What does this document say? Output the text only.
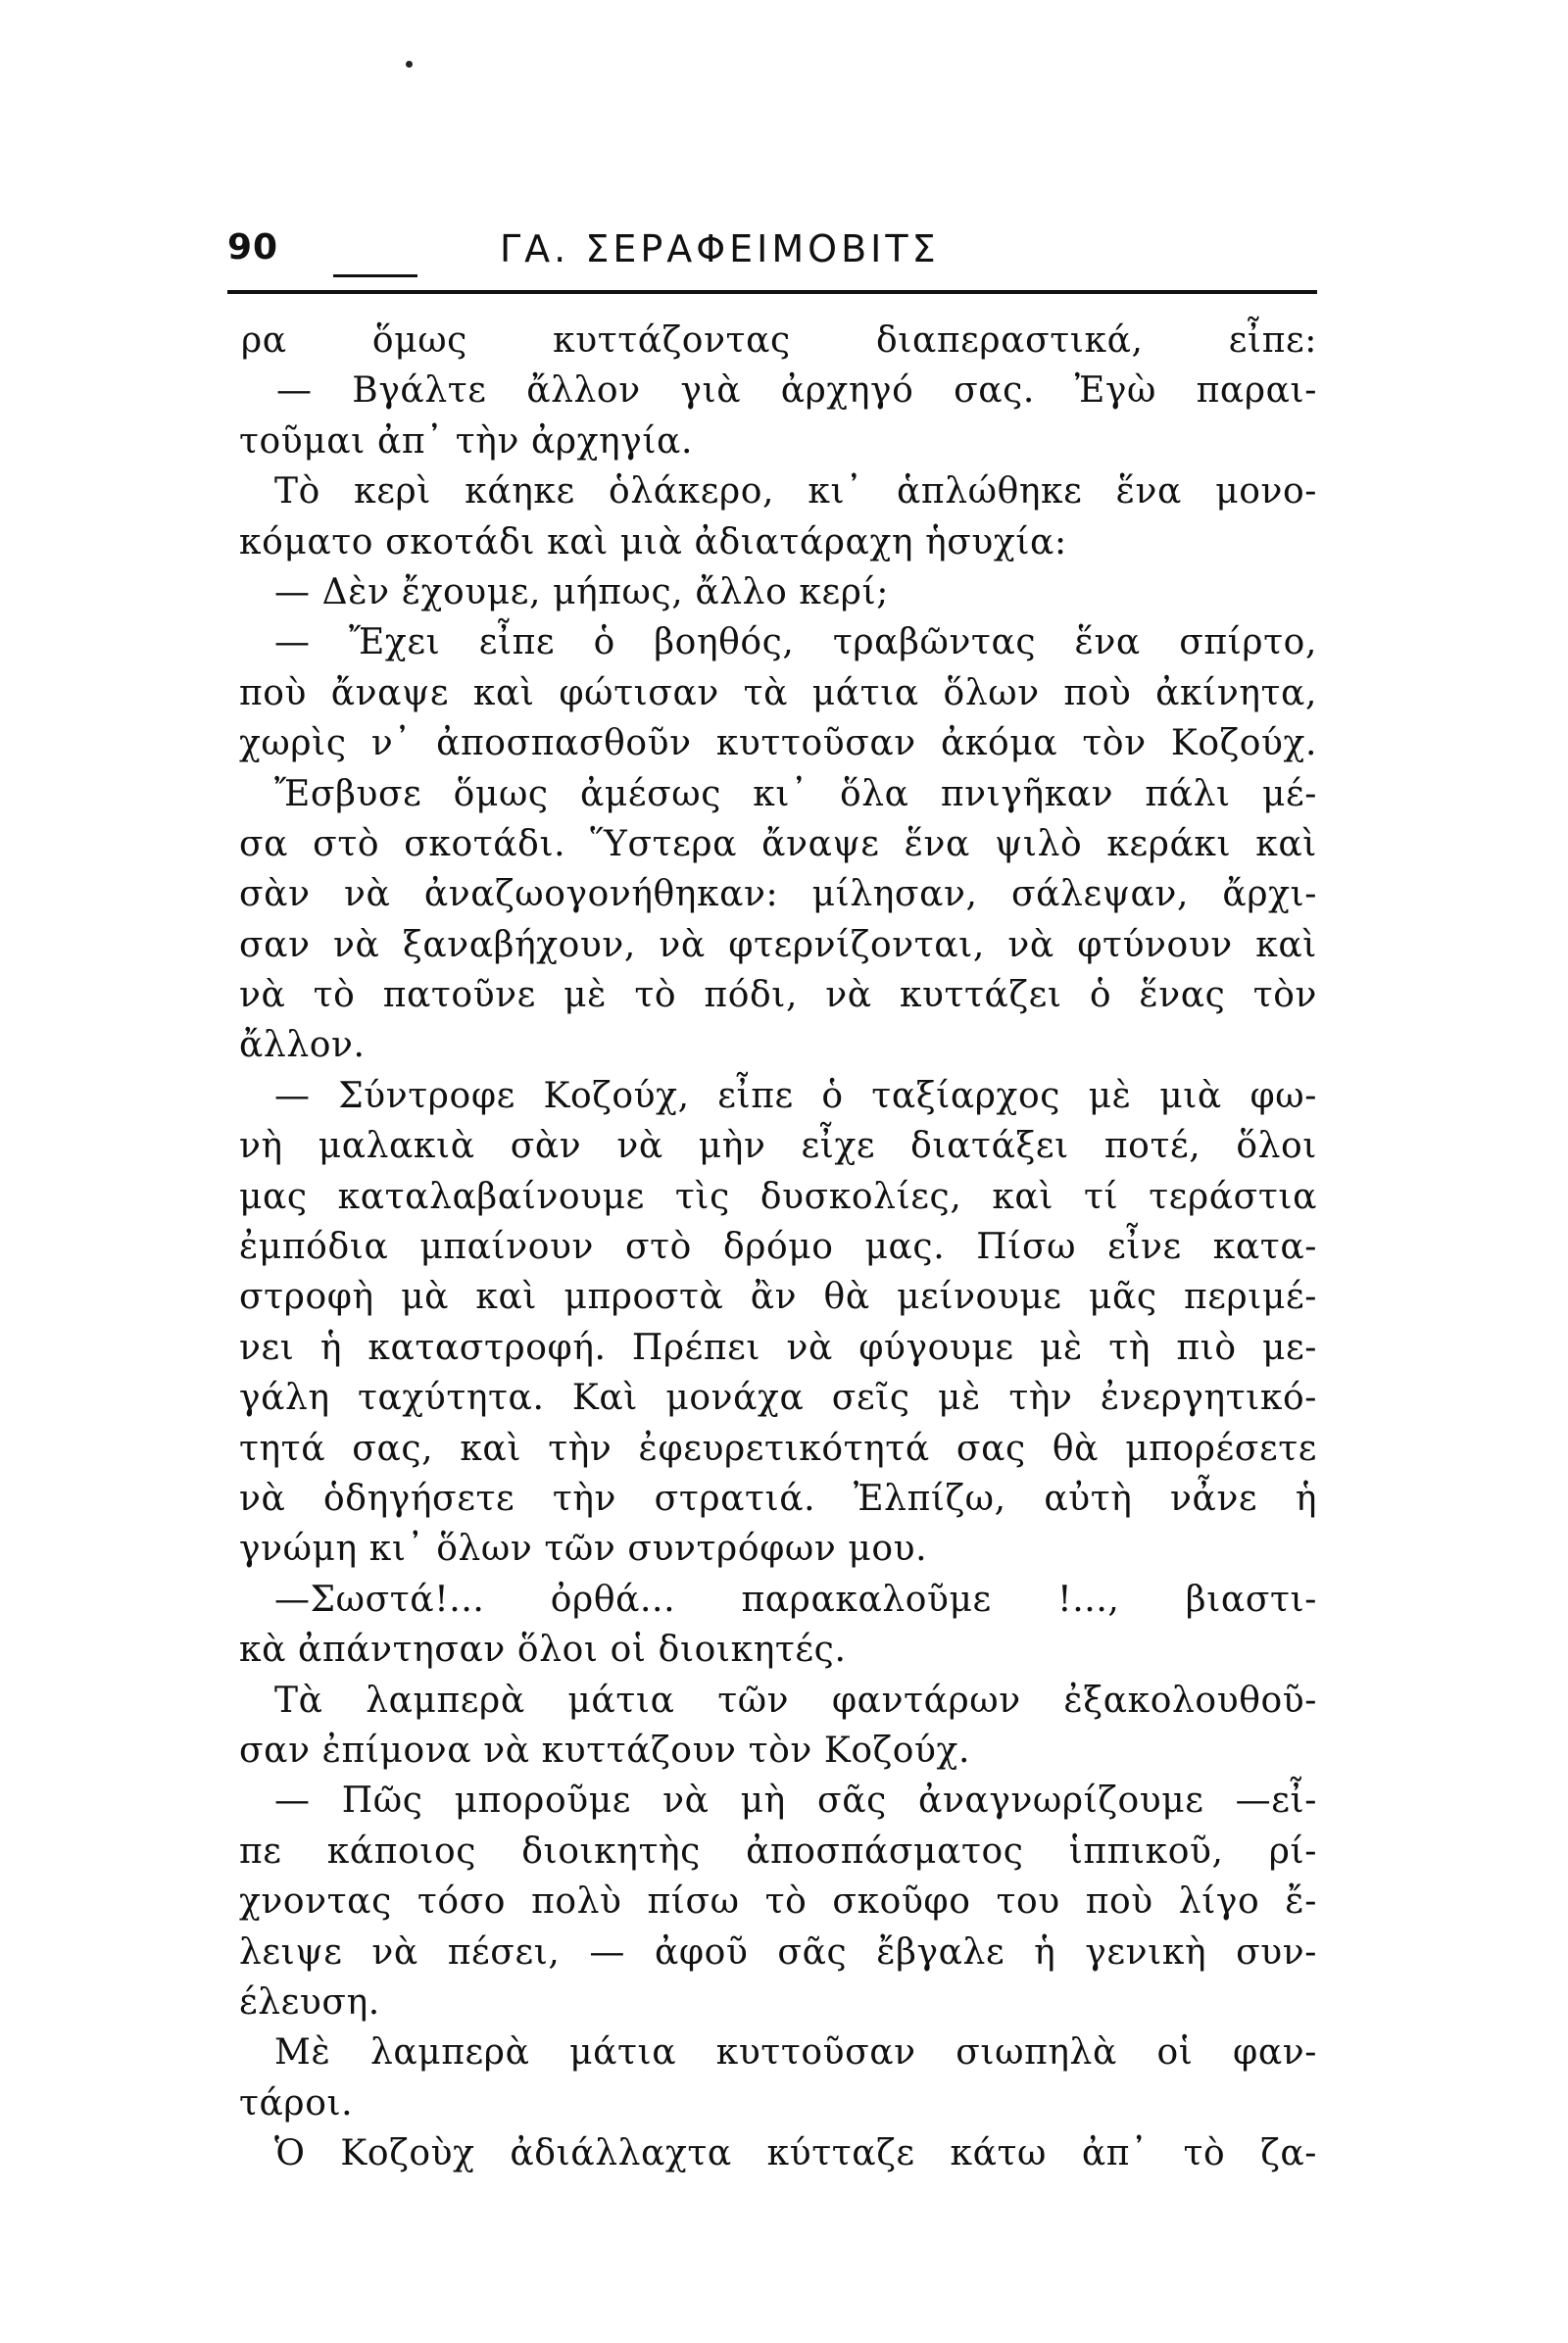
90	ΓΑ. ΣΕΡΑΦΕΙΜΟΒΙΤΣ
ρα ὅμως κυττάζοντας διαπεραστικά, εἶπε:
— Βγάλτε ἄλλον γιὰ ἀρχηγό σας. Ἐγὼ παραι-
τοῦμαι ἀπ᾽ τὴν ἀρχηγία.
Τὸ κερὶ κάηκε ὁλάκερο, κι᾽ ἁπλώθηκε ἕνα μονο-
κόματο σκοτάδι καὶ μιὰ ἀδιατάραχη ἡσυχία:
— Δὲν ἔχουμε, μήπως, ἄλλο κερί;
— Ἔχει εἶπε ὁ βοηθός, τραβῶντας ἕνα σπίρτο,
ποὺ ἄναψε καὶ φώτισαν τὰ μάτια ὅλων ποὺ ἀκίνητα,
χωρὶς ν᾽ ἀποσπασθοῦν κυττοῦσαν ἀκόμα τὸν Κοζούχ.
Ἔσβυσε ὅμως ἀμέσως κι᾽ ὅλα πνιγῆκαν πάλι μέ-
σα στὸ σκοτάδι. Ὕστερα ἄναψε ἕνα ψιλὸ κεράκι καὶ
σὰν νὰ ἀναζωογονήθηκαν: μίλησαν, σάλεψαν, ἄρχι-
σαν νὰ ξαναβήχουν, νὰ φτερνίζονται, νὰ φτύνουν καὶ
νὰ τὸ πατοῦνε μὲ τὸ πόδι, νὰ κυττάζει ὁ ἕνας τὸν
ἄλλον.
— Σύντροφε Κοζούχ, εἶπε ὁ ταξίαρχος μὲ μιὰ φω-
νὴ μαλακιὰ σὰν νὰ μὴν εἶχε διατάξει ποτέ, ὅλοι
μας καταλαβαίνουμε τὶς δυσκολίες, καὶ τί τεράστια
ἐμπόδια μπαίνουν στὸ δρόμο μας. Πίσω εἶνε κατα-
στροφὴ μὰ καὶ μπροστὰ ἂν θὰ μείνουμε μᾶς περιμέ-
νει ἡ καταστροφή. Πρέπει νὰ φύγουμε μὲ τὴ πιὸ με-
γάλη ταχύτητα. Καὶ μονάχα σεῖς μὲ τὴν ἐνεργητικό-
τητά σας, καὶ τὴν ἐφευρετικότητά σας θὰ μπορέσετε
νὰ ὁδηγήσετε τὴν στρατιά. Ἐλπίζω, αὐτὴ νἆνε ἡ
γνώμη κι᾽ ὅλων τῶν συντρόφων μου.
—Σωστά!... ὀρθά... παρακαλοῦμε !..., βιαστι-
κὰ ἀπάντησαν ὅλοι οἱ διοικητές.
Τὰ λαμπερὰ μάτια τῶν φαντάρων ἐξακολουθοῦ-
σαν ἐπίμονα νὰ κυττάζουν τὸν Κοζούχ.
— Πῶς μποροῦμε νὰ μὴ σᾶς ἀναγνωρίζουμε —εἶ-
πε κάποιος διοικητὴς ἀποσπάσματος ἱππικοῦ, ρί-
χνοντας τόσο πολὺ πίσω τὸ σκοῦφο του ποὺ λίγο ἔ-
λειψε νὰ πέσει, — ἀφοῦ σᾶς ἔβγαλε ἡ γενικὴ συν-
έλευση.
Μὲ λαμπερὰ μάτια κυττοῦσαν σιωπηλὰ οἱ φαν-
τάροι.
Ὁ Κοζοὺχ ἀδιάλλαχτα κύτταζε κάτω ἀπ᾽ τὸ ζα-
